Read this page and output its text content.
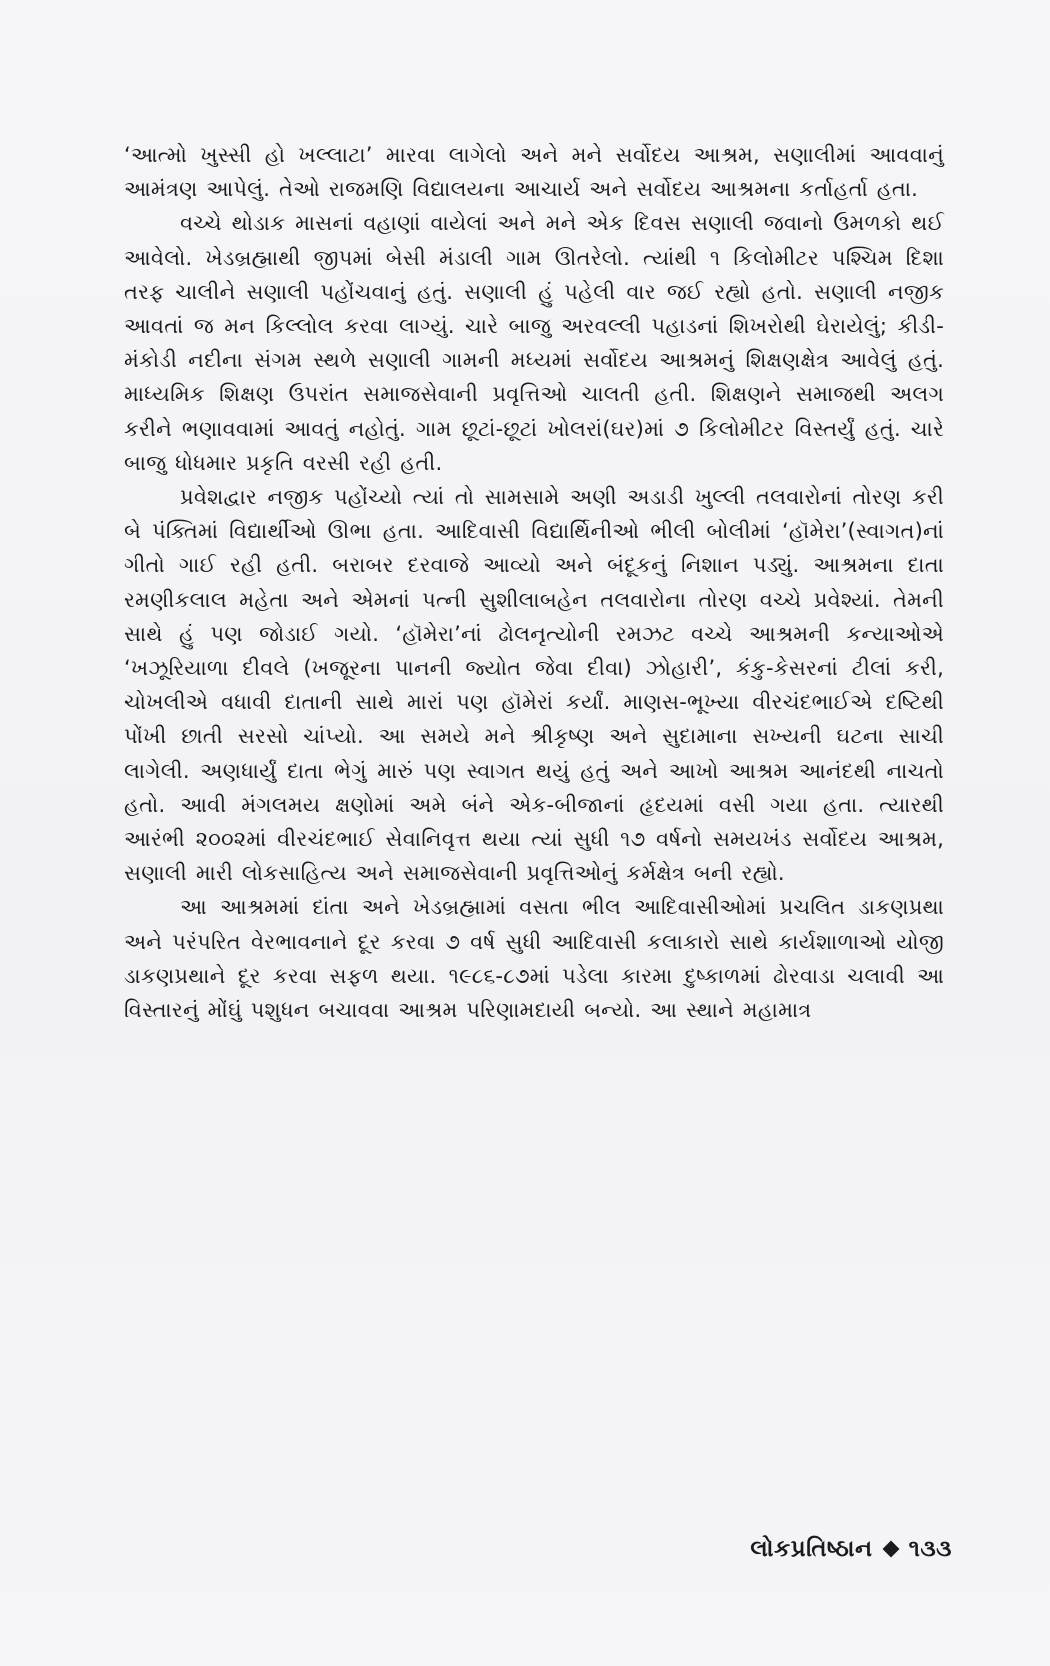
‘આત્મો ખુસ્સી હો ખલ્લાટા’ મારવા લાગેલો અને મને સર્વોદય આશ્રમ, સણાલીમાં આવવાનું આમંત્રણ આપેલું. તેઓ રાજમણિ વિદ્યાલયના આચાર્ય અને સર્વોદય આશ્રમના કર્તાહર્તા હતા.

વચ્ચે થોડાક માસનાં વહાણાં વાયેલાં અને મને એક દિવસ સણાલી જવાનો ઉમળકો થઈ આવેલો. ખેડબ્રહ્માથી જીપમાં બેસી મંડાલી ગામ ઊતરેલો. ત્યાંથી ૧ કિલોમીટર પશ્ચિમ દિશા તરફ ચાલીને સણાલી પહોંચવાનું હતું. સણાલી હું પહેલી વાર જઈ રહ્યો હતો. સણાલી નજીક આવતાં જ મન કિલ્લોલ કરવા લાગ્યું. ચારે બાજુ અરવલ્લી પહાડનાં શિખરોથી ઘેરાયેલું; કીડી-મંકોડી નદીના સંગમ સ્થળે સણાલી ગામની મધ્યમાં સર્વોદય આશ્રમનું શિક્ષણક્ષેત્ર આવેલું હતું. માધ્યમિક શિક્ષણ ઉપરાંત સમાજસેવાની પ્રવૃત્તિઓ ચાલતી હતી. શિક્ષણને સમાજથી અલગ કરીને ભણાવવામાં આવતું નહોતું. ગામ છૂટાં-છૂટાં ખોલરાં(ઘર)માં ૭ કિલોમીટર વિસ્તર્યું હતું. ચારે બાજુ ધોધમાર પ્રકૃતિ વરસી રહી હતી.

પ્રવેશદ્વાર નજીક પહોંચ્યો ત્યાં તો સામસામે અણી અડાડી ખુલ્લી તલવારોનાં તોરણ કરી બે પંક્તિમાં વિદ્યાર્થીઓ ઊભા હતા. આદિવાસી વિદ્યાર્થિનીઓ ભીલી બોલીમાં ‘હૉમેરા’(સ્વાગત)નાં ગીતો ગાઈ રહી હતી. બરાબર દરવાજે આવ્યો અને બંદૂકનું નિશાન પડ્યું. આશ્રમના દાતા રમણીકલાલ મહેતા અને એમનાં પત્ની સુશીલાબહેન તલવારોના તોરણ વચ્ચે પ્રવેશ્યાં. તેમની સાથે હું પણ જોડાઈ ગયો. ‘હૉમેરા’નાં ઢોલનૃત્યોની રમઝટ વચ્ચે આશ્રમની કન્યાઓએ ‘ખઝૂરિયાળા દીવલે (ખજૂરના પાનની જ્યોત જેવા દીવા) ઝોહારી’, કંકુ-કેસરનાં ટીલાં કરી, ચોખલીએ વધાવી દાતાની સાથે મારાં પણ હૉમેરાં કર્યાં. માણસ-ભૂખ્યા વીરચંદભાઈએ દષ્ટિથી પોંખી છાતી સરસો ચાંપ્યો. આ સમયે મને શ્રીકૃષ્ણ અને સુદામાના સખ્યની ઘટના સાચી લાગેલી. અણધાર્યું દાતા ભેગું મારું પણ સ્વાગત થયું હતું અને આખો આશ્રમ આનંદથી નાચતો હતો. આવી મંગલમય ક્ષણોમાં અમે બંને એક-બીજાનાં હૃદયમાં વસી ગયા હતા. ત્યારથી આરંભી ૨૦૦૨માં વીરચંદભાઈ સેવાનિવૃત્ત થયા ત્યાં સુધી ૧૭ વર્ષનો સમયખંડ સર્વોદય આશ્રમ, સણાલી મારી લોકસાહિત્ય અને સમાજસેવાની પ્રવૃત્તિઓનું કર્મક્ષેત્ર બની રહ્યો.

આ આશ્રમમાં દાંતા અને ખેડબ્રહ્મામાં વસતા ભીલ આદિવાસીઓમાં પ્રચલિત ડાકણપ્રથા અને પરંપરિત વેરભાવનાને દૂર કરવા ૭ વર્ષ સુધી આદિવાસી કલાકારો સાથે કાર્યશાળાઓ યોજી ડાકણપ્રથાને દૂર કરવા સફળ થયા. ૧૯૮૬-૮૭માં પડેલા કારમા દુષ્કાળમાં ઢોરવાડા ચલાવી આ વિસ્તારનું મોંઘું પશુધન બચાવવા આશ્રમ પરિણામદાયી બન્યો. આ સ્થાને મહામાત્ર

લોકપ્રતિષ્ઠાન ૧૩૩
